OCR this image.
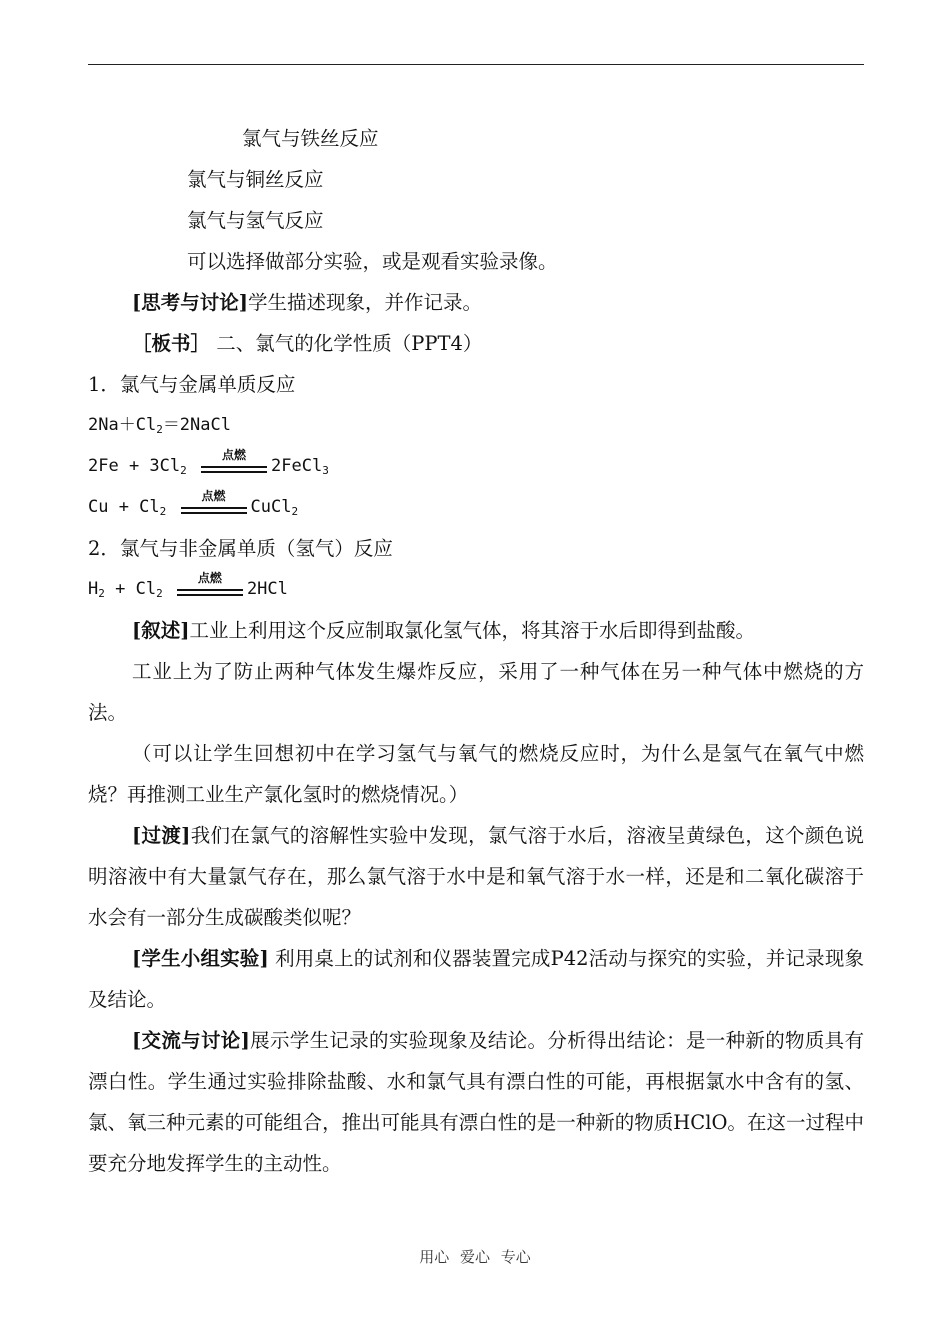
氯气与铁丝反应
氯气与铜丝反应
氯气与氢气反应
可以选择做部分实验，或是观看实验录像。
[思考与讨论]学生描述现象，并作记录。
［板书］ 二、氯气的化学性质（PPT4）
1．氯气与金属单质反应
$2Na+Cl_2=2NaCl$
$2Fe + 3Cl_2$
点燃
2FeCl$_3$
$Cu + Cl_2$
点燃
CuCl$_2$
2．氯气与非金属单质（氢气）反应
$H_2 + Cl_2$
点燃
2HCl
[叙述]工业上利用这个反应制取氯化氢气体，将其溶于水后即得到盐酸。
工业上为了防止两种气体发生爆炸反应，采用了一种气体在另一种气体中燃烧的方法。
（可以让学生回想初中在学习氢气与氧气的燃烧反应时，为什么是氢气在氧气中燃烧？再推测工业生产氯化氢时的燃烧情况。）
[过渡]我们在氯气的溶解性实验中发现，氯气溶于水后，溶液呈黄绿色，这个颜色说明溶液中有大量氯气存在，那么氯气溶于水中是和氧气溶于水一样，还是和二氧化碳溶于水会有一部分生成碳酸类似呢？
[学生小组实验] 利用桌上的试剂和仪器装置完成P42活动与探究的实验，并记录现象及结论。
[交流与讨论]展示学生记录的实验现象及结论。分析得出结论：是一种新的物质具有漂白性。学生通过实验排除盐酸、水和氯气具有漂白性的可能，再根据氯水中含有的氢、氯、氧三种元素的可能组合，推出可能具有漂白性的是一种新的物质HClO。在这一过程中要充分地发挥学生的主动性。
用心 爱心 专心
